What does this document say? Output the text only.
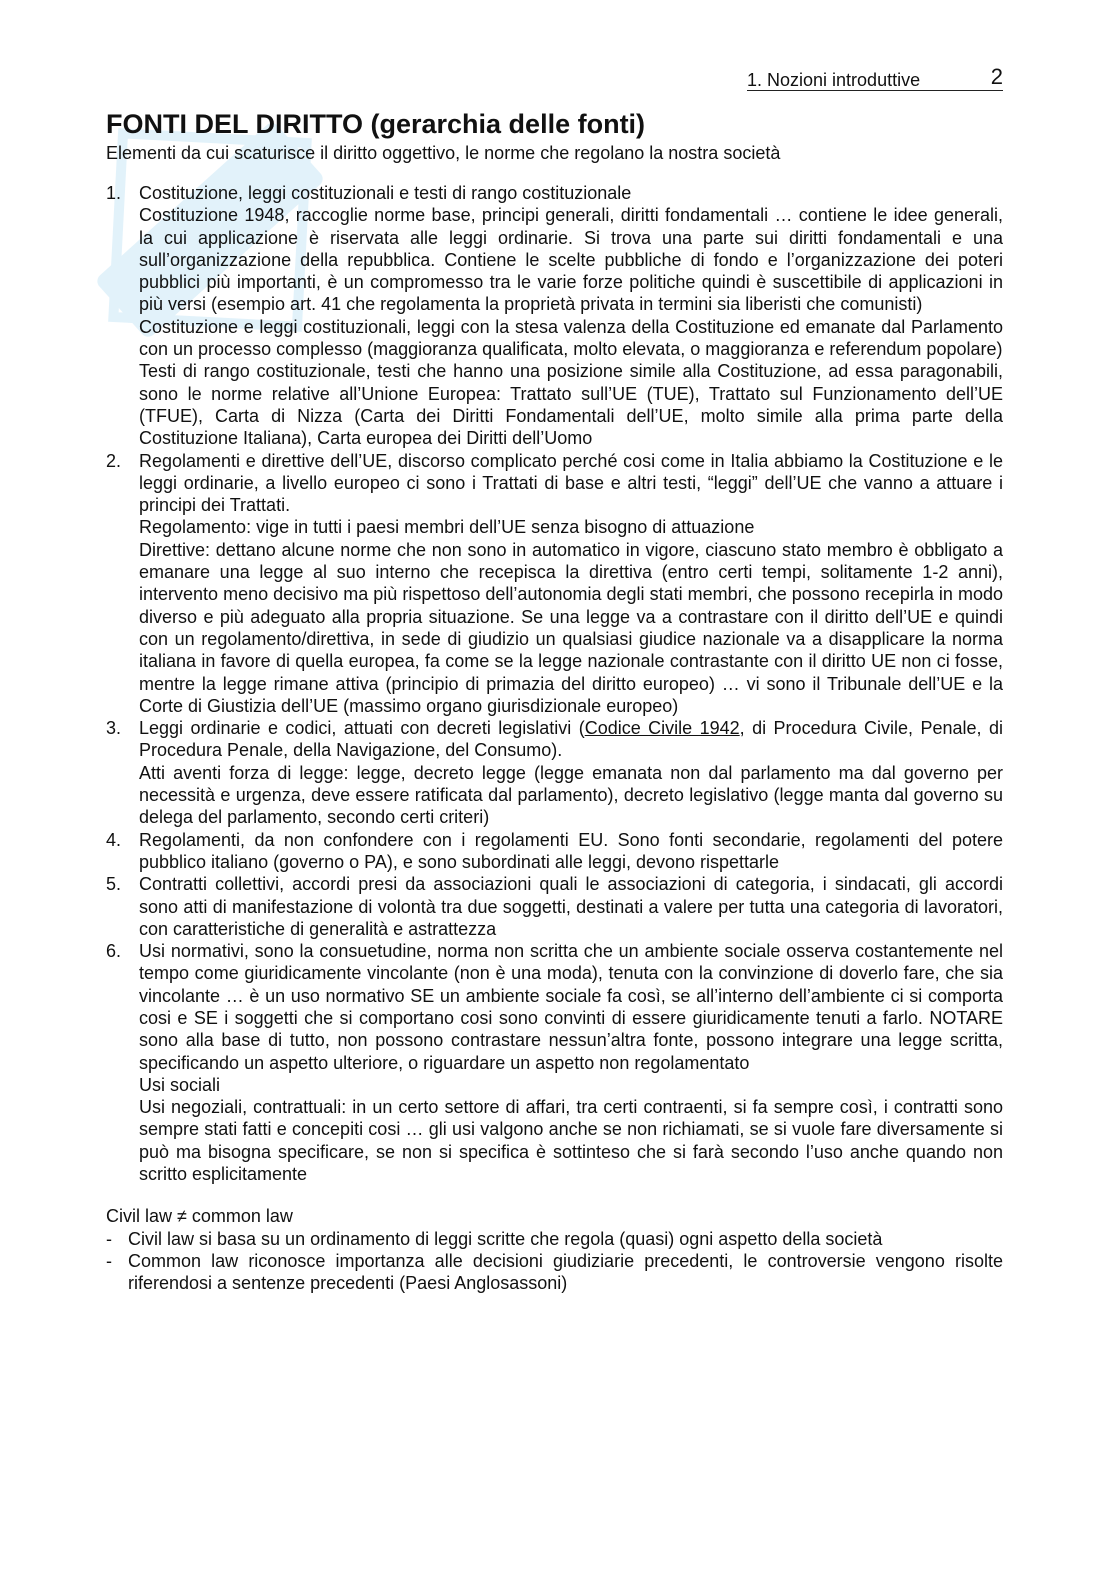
1. Nozioni introduttive	2
FONTI DEL DIRITTO (gerarchia delle fonti)
Elementi da cui scaturisce il diritto oggettivo, le norme che regolano la nostra società
1. Costituzione, leggi costituzionali e testi di rango costituzionale
Costituzione 1948, raccoglie norme base, principi generali, diritti fondamentali … contiene le idee generali, la cui applicazione è riservata alle leggi ordinarie. Si trova una parte sui diritti fondamentali e una sull’organizzazione della repubblica. Contiene le scelte pubbliche di fondo e l’organizzazione dei poteri pubblici più importanti, è un compromesso tra le varie forze politiche quindi è suscettibile di applicazioni in più versi (esempio art. 41 che regolamenta la proprietà privata in termini sia liberisti che comunisti)
Costituzione e leggi costituzionali, leggi con la stesa valenza della Costituzione ed emanate dal Parlamento con un processo complesso (maggioranza qualificata, molto elevata, o maggioranza e referendum popolare)
Testi di rango costituzionale, testi che hanno una posizione simile alla Costituzione, ad essa paragonabili, sono le norme relative all’Unione Europea: Trattato sull’UE (TUE), Trattato sul Funzionamento dell’UE (TFUE), Carta di Nizza (Carta dei Diritti Fondamentali dell’UE, molto simile alla prima parte della Costituzione Italiana), Carta europea dei Diritti dell’Uomo
2. Regolamenti e direttive dell’UE, discorso complicato perché cosi come in Italia abbiamo la Costituzione e le leggi ordinarie, a livello europeo ci sono i Trattati di base e altri testi, “leggi” dell’UE che vanno a attuare i principi dei Trattati.
Regolamento: vige in tutti i paesi membri dell’UE senza bisogno di attuazione
Direttive: dettano alcune norme che non sono in automatico in vigore, ciascuno stato membro è obbligato a emanare una legge al suo interno che recepisca la direttiva (entro certi tempi, solitamente 1-2 anni), intervento meno decisivo ma più rispettoso dell’autonomia degli stati membri, che possono recepirla in modo diverso e più adeguato alla propria situazione. Se una legge va a contrastare con il diritto dell’UE e quindi con un regolamento/direttiva, in sede di giudizio un qualsiasi giudice nazionale va a disapplicare la norma italiana in favore di quella europea, fa come se la legge nazionale contrastante con il diritto UE non ci fosse, mentre la legge rimane attiva (principio di primazia del diritto europeo) … vi sono il Tribunale dell’UE e la Corte di Giustizia dell’UE (massimo organo giurisdizionale europeo)
3. Leggi ordinarie e codici, attuati con decreti legislativi (Codice Civile 1942, di Procedura Civile, Penale, di Procedura Penale, della Navigazione, del Consumo).
Atti aventi forza di legge: legge, decreto legge (legge emanata non dal parlamento ma dal governo per necessità e urgenza, deve essere ratificata dal parlamento), decreto legislativo (legge manta dal governo su delega del parlamento, secondo certi criteri)
4. Regolamenti, da non confondere con i regolamenti EU. Sono fonti secondarie, regolamenti del potere pubblico italiano (governo o PA), e sono subordinati alle leggi, devono rispettarle
5. Contratti collettivi, accordi presi da associazioni quali le associazioni di categoria, i sindacati, gli accordi sono atti di manifestazione di volontà tra due soggetti, destinati a valere per tutta una categoria di lavoratori, con caratteristiche di generalità e astrattezza
6. Usi normativi, sono la consuetudine, norma non scritta che un ambiente sociale osserva costantemente nel tempo come giuridicamente vincolante (non è una moda), tenuta con la convinzione di doverlo fare, che sia vincolante … è un uso normativo SE un ambiente sociale fa così, se all’interno dell’ambiente ci si comporta cosi e SE i soggetti che si comportano cosi sono convinti di essere giuridicamente tenuti a farlo. NOTARE sono alla base di tutto, non possono contrastare nessun’altra fonte, possono integrare una legge scritta, specificando un aspetto ulteriore, o riguardare un aspetto non regolamentato
Usi sociali
Usi negoziali, contrattuali: in un certo settore di affari, tra certi contraenti, si fa sempre così, i contratti sono sempre stati fatti e concepiti cosi … gli usi valgono anche se non richiamati, se si vuole fare diversamente si può ma bisogna specificare, se non si specifica è sottinteso che si farà secondo l’uso anche quando non scritto esplicitamente
Civil law ≠ common law
- Civil law si basa su un ordinamento di leggi scritte che regola (quasi) ogni aspetto della società
- Common law riconosce importanza alle decisioni giudiziarie precedenti, le controversie vengono risolte riferendosi a sentenze precedenti (Paesi Anglosassoni)
